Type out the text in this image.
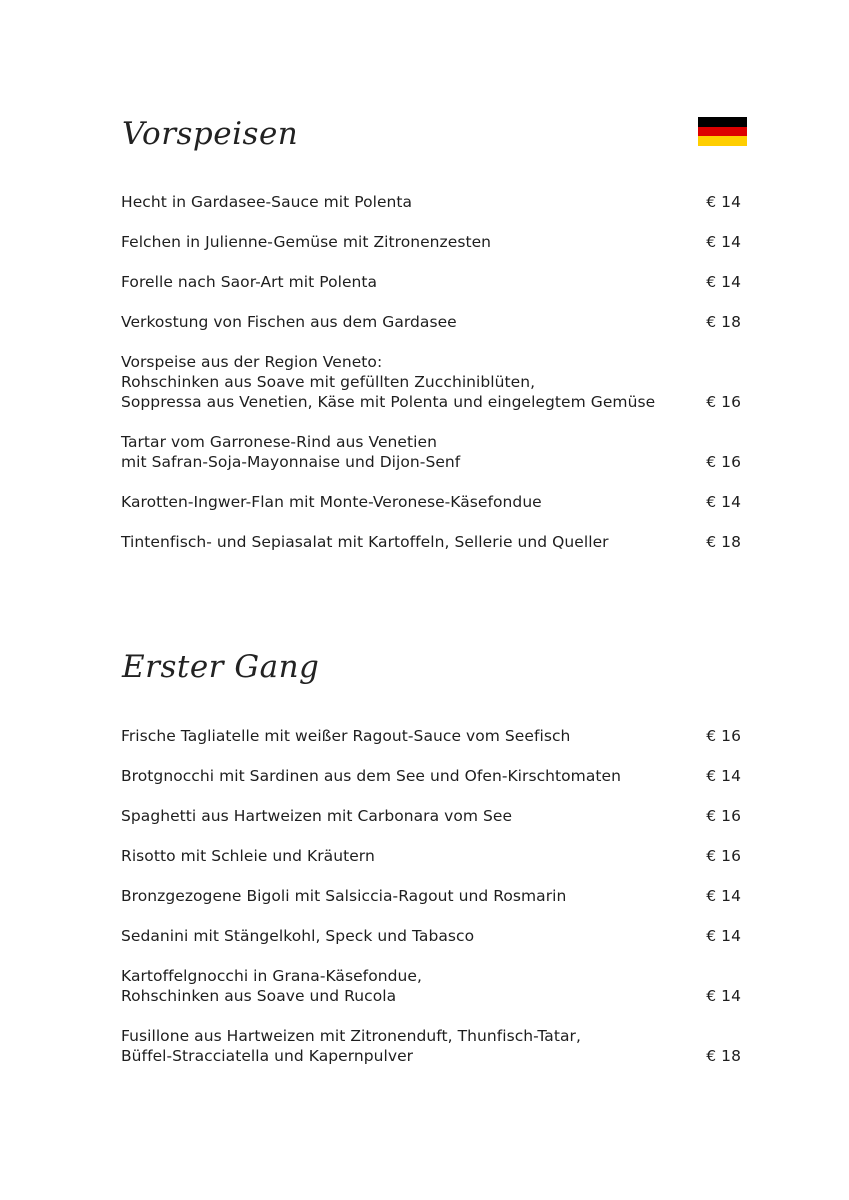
Vorspeisen
Hecht in Gardasee-Sauce mit Polenta	€ 14
Felchen in Julienne-Gemüse mit Zitronenzesten	€ 14
Forelle nach Saor-Art mit Polenta	€ 14
Verkostung von Fischen aus dem Gardasee	€ 18
Vorspeise aus der Region Veneto:
Rohschinken aus Soave mit gefüllten Zucchiniblüten,
Soppressa aus Venetien, Käse mit Polenta und eingelegtem Gemüse	€ 16
Tartar vom Garronese-Rind aus Venetien
mit Safran-Soja-Mayonnaise und Dijon-Senf	€ 16
Karotten-Ingwer-Flan mit Monte-Veronese-Käsefondue	€ 14
Tintenfisch- und Sepiasalat mit Kartoffeln, Sellerie und Queller	€ 18
Erster Gang
Frische Tagliatelle mit weißer Ragout-Sauce vom Seefisch	€ 16
Brotgnocchi mit Sardinen aus dem See und Ofen-Kirschtomaten	€ 14
Spaghetti aus Hartweizen mit Carbonara vom See	€ 16
Risotto mit Schleie und Kräutern	€ 16
Bronzgezogene Bigoli mit Salsiccia-Ragout und Rosmarin	€ 14
Sedanini mit Stängelkohl, Speck und Tabasco	€ 14
Kartoffelgnocchi in Grana-Käsefondue,
Rohschinken aus Soave und Rucola	€ 14
Fusillone aus Hartweizen mit Zitronenduft, Thunfisch-Tatar,
Büffel-Stracciatella und Kapernpulver	€ 18
